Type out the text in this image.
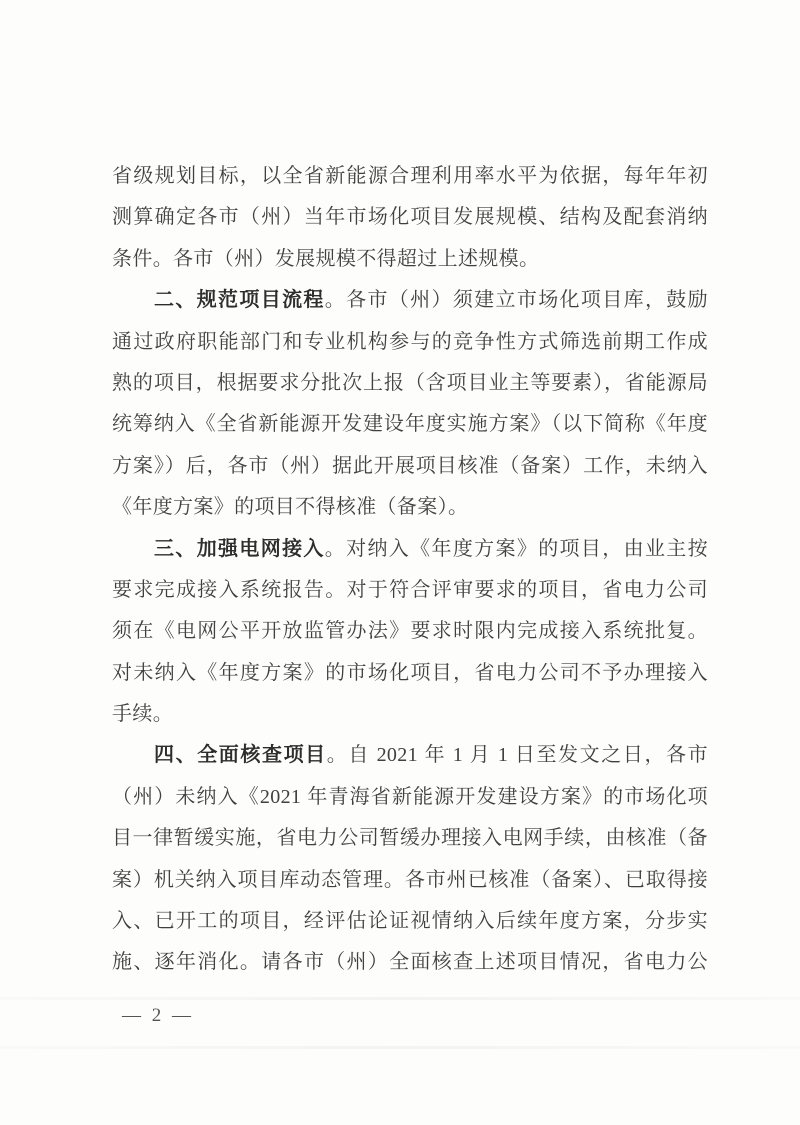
省级规划目标，以全省新能源合理利用率水平为依据，每年年初
测算确定各市（州）当年市场化项目发展规模、结构及配套消纳
条件。各市（州）发展规模不得超过上述规模。
二、规范项目流程。各市（州）须建立市场化项目库，鼓励
通过政府职能部门和专业机构参与的竞争性方式筛选前期工作成
熟的项目，根据要求分批次上报（含项目业主等要素），省能源局
统筹纳入《全省新能源开发建设年度实施方案》（以下简称《年度
方案》）后，各市（州）据此开展项目核准（备案）工作，未纳入
《年度方案》的项目不得核准（备案）。
三、加强电网接入。对纳入《年度方案》的项目，由业主按
要求完成接入系统报告。对于符合评审要求的项目，省电力公司
须在《电网公平开放监管办法》要求时限内完成接入系统批复。
对未纳入《年度方案》的市场化项目，省电力公司不予办理接入
手续。
四、全面核查项目。自 2021 年 1 月 1 日至发文之日，各市
（州）未纳入《2021 年青海省新能源开发建设方案》的市场化项
目一律暂缓实施，省电力公司暂缓办理接入电网手续，由核准（备
案）机关纳入项目库动态管理。各市州已核准（备案）、已取得接
入、已开工的项目，经评估论证视情纳入后续年度方案，分步实
施、逐年消化。请各市（州）全面核查上述项目情况，省电力公
— 2 —
